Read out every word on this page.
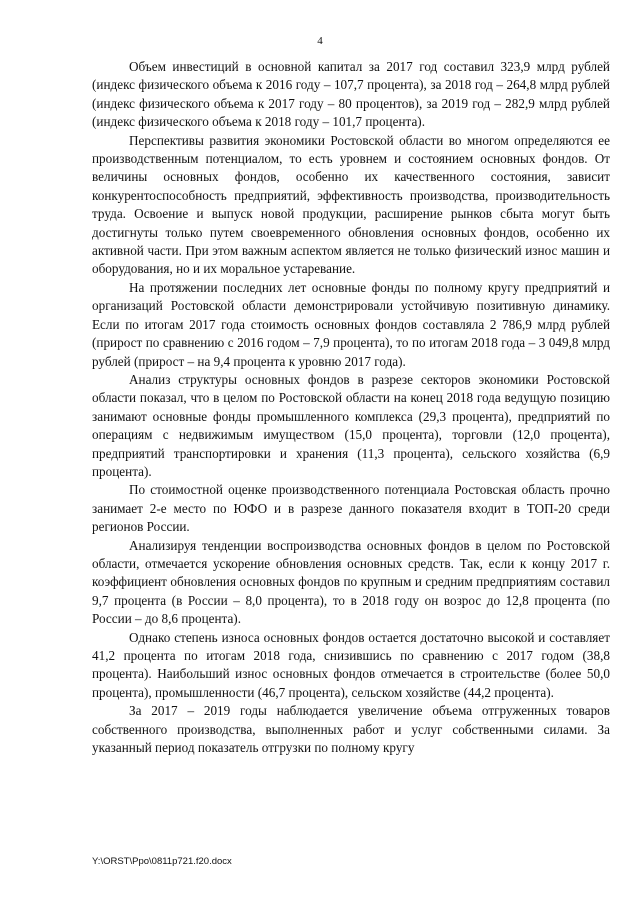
4

Объем инвестиций в основной капитал за 2017 год составил 323,9 млрд рублей (индекс физического объема к 2016 году – 107,7 процента), за 2018 год – 264,8 млрд рублей (индекс физического объема к 2017 году – 80 процентов), за 2019 год – 282,9 млрд рублей (индекс физического объема к 2018 году – 101,7 процента).

Перспективы развития экономики Ростовской области во многом определяются ее производственным потенциалом, то есть уровнем и состоянием основных фондов. От величины основных фондов, особенно их качественного состояния, зависит конкурентоспособность предприятий, эффективность производства, производительность труда. Освоение и выпуск новой продукции, расширение рынков сбыта могут быть достигнуты только путем своевременного обновления основных фондов, особенно их активной части. При этом важным аспектом является не только физический износ машин и оборудования, но и их моральное устаревание.

На протяжении последних лет основные фонды по полному кругу предприятий и организаций Ростовской области демонстрировали устойчивую позитивную динамику. Если по итогам 2017 года стоимость основных фондов составляла 2 786,9 млрд рублей (прирост по сравнению с 2016 годом – 7,9 процента), то по итогам 2018 года – 3 049,8 млрд рублей (прирост – на 9,4 процента к уровню 2017 года).

Анализ структуры основных фондов в разрезе секторов экономики Ростовской области показал, что в целом по Ростовской области на конец 2018 года ведущую позицию занимают основные фонды промышленного комплекса (29,3 процента), предприятий по операциям с недвижимым имуществом (15,0 процента), торговли (12,0 процента), предприятий транспортировки и хранения (11,3 процента), сельского хозяйства (6,9 процента).

По стоимостной оценке производственного потенциала Ростовская область прочно занимает 2-е место по ЮФО и в разрезе данного показателя входит в ТОП-20 среди регионов России.

Анализируя тенденции воспроизводства основных фондов в целом по Ростовской области, отмечается ускорение обновления основных средств. Так, если к концу 2017 г. коэффициент обновления основных фондов по крупным и средним предприятиям составил 9,7 процента (в России – 8,0 процента), то в 2018 году он возрос до 12,8 процента (по России – до 8,6 процента).

Однако степень износа основных фондов остается достаточно высокой и составляет 41,2 процента по итогам 2018 года, снизившись по сравнению с 2017 годом (38,8 процента). Наибольший износ основных фондов отмечается в строительстве (более 50,0 процента), промышленности (46,7 процента), сельском хозяйстве (44,2 процента).

За 2017 – 2019 годы наблюдается увеличение объема отгруженных товаров собственного производства, выполненных работ и услуг собственными силами. За указанный период показатель отгрузки по полному кругу

Y:\ORST\Ppo\0811p721.f20.docx
